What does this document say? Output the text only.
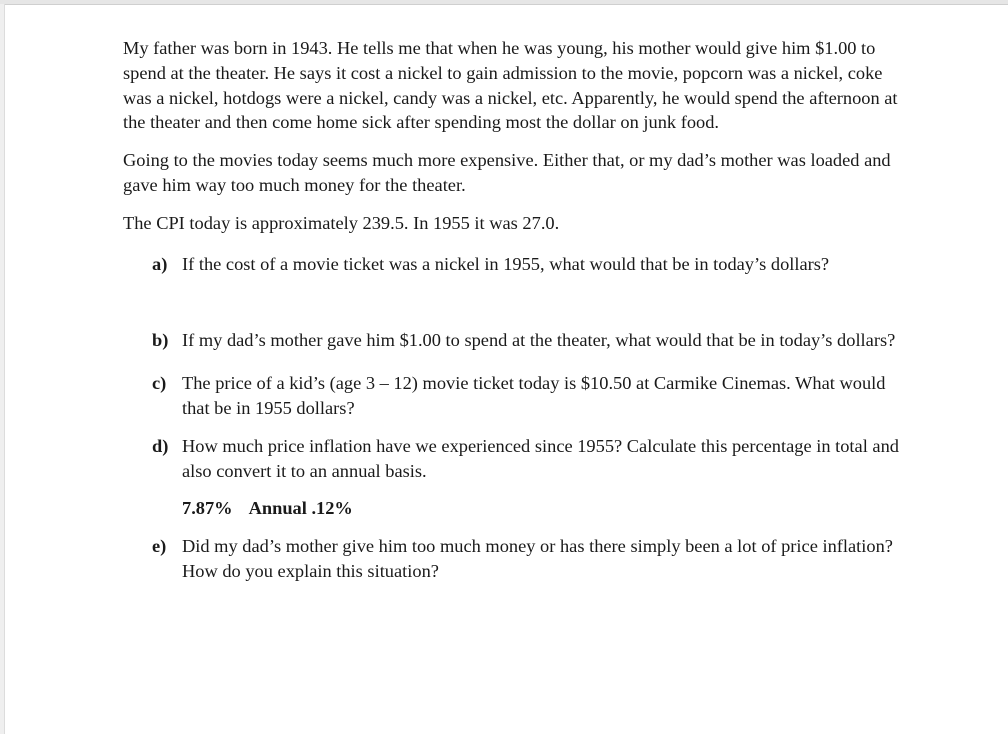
My father was born in 1943. He tells me that when he was young, his mother would give him $1.00 to spend at the theater. He says it cost a nickel to gain admission to the movie, popcorn was a nickel, coke was a nickel, hotdogs were a nickel, candy was a nickel, etc. Apparently, he would spend the afternoon at the theater and then come home sick after spending most the dollar on junk food.

Going to the movies today seems much more expensive. Either that, or my dad’s mother was loaded and gave him way too much money for the theater.

The CPI today is approximately 239.5. In 1955 it was 27.0.

a) If the cost of a movie ticket was a nickel in 1955, what would that be in today’s dollars?
b) If my dad’s mother gave him $1.00 to spend at the theater, what would that be in today’s dollars?
c) The price of a kid’s (age 3 – 12) movie ticket today is $10.50 at Carmike Cinemas. What would that be in 1955 dollars?
d) How much price inflation have we experienced since 1955? Calculate this percentage in total and also convert it to an annual basis.
7.87% Annual .12%
e) Did my dad’s mother give him too much money or has there simply been a lot of price inflation? How do you explain this situation?
